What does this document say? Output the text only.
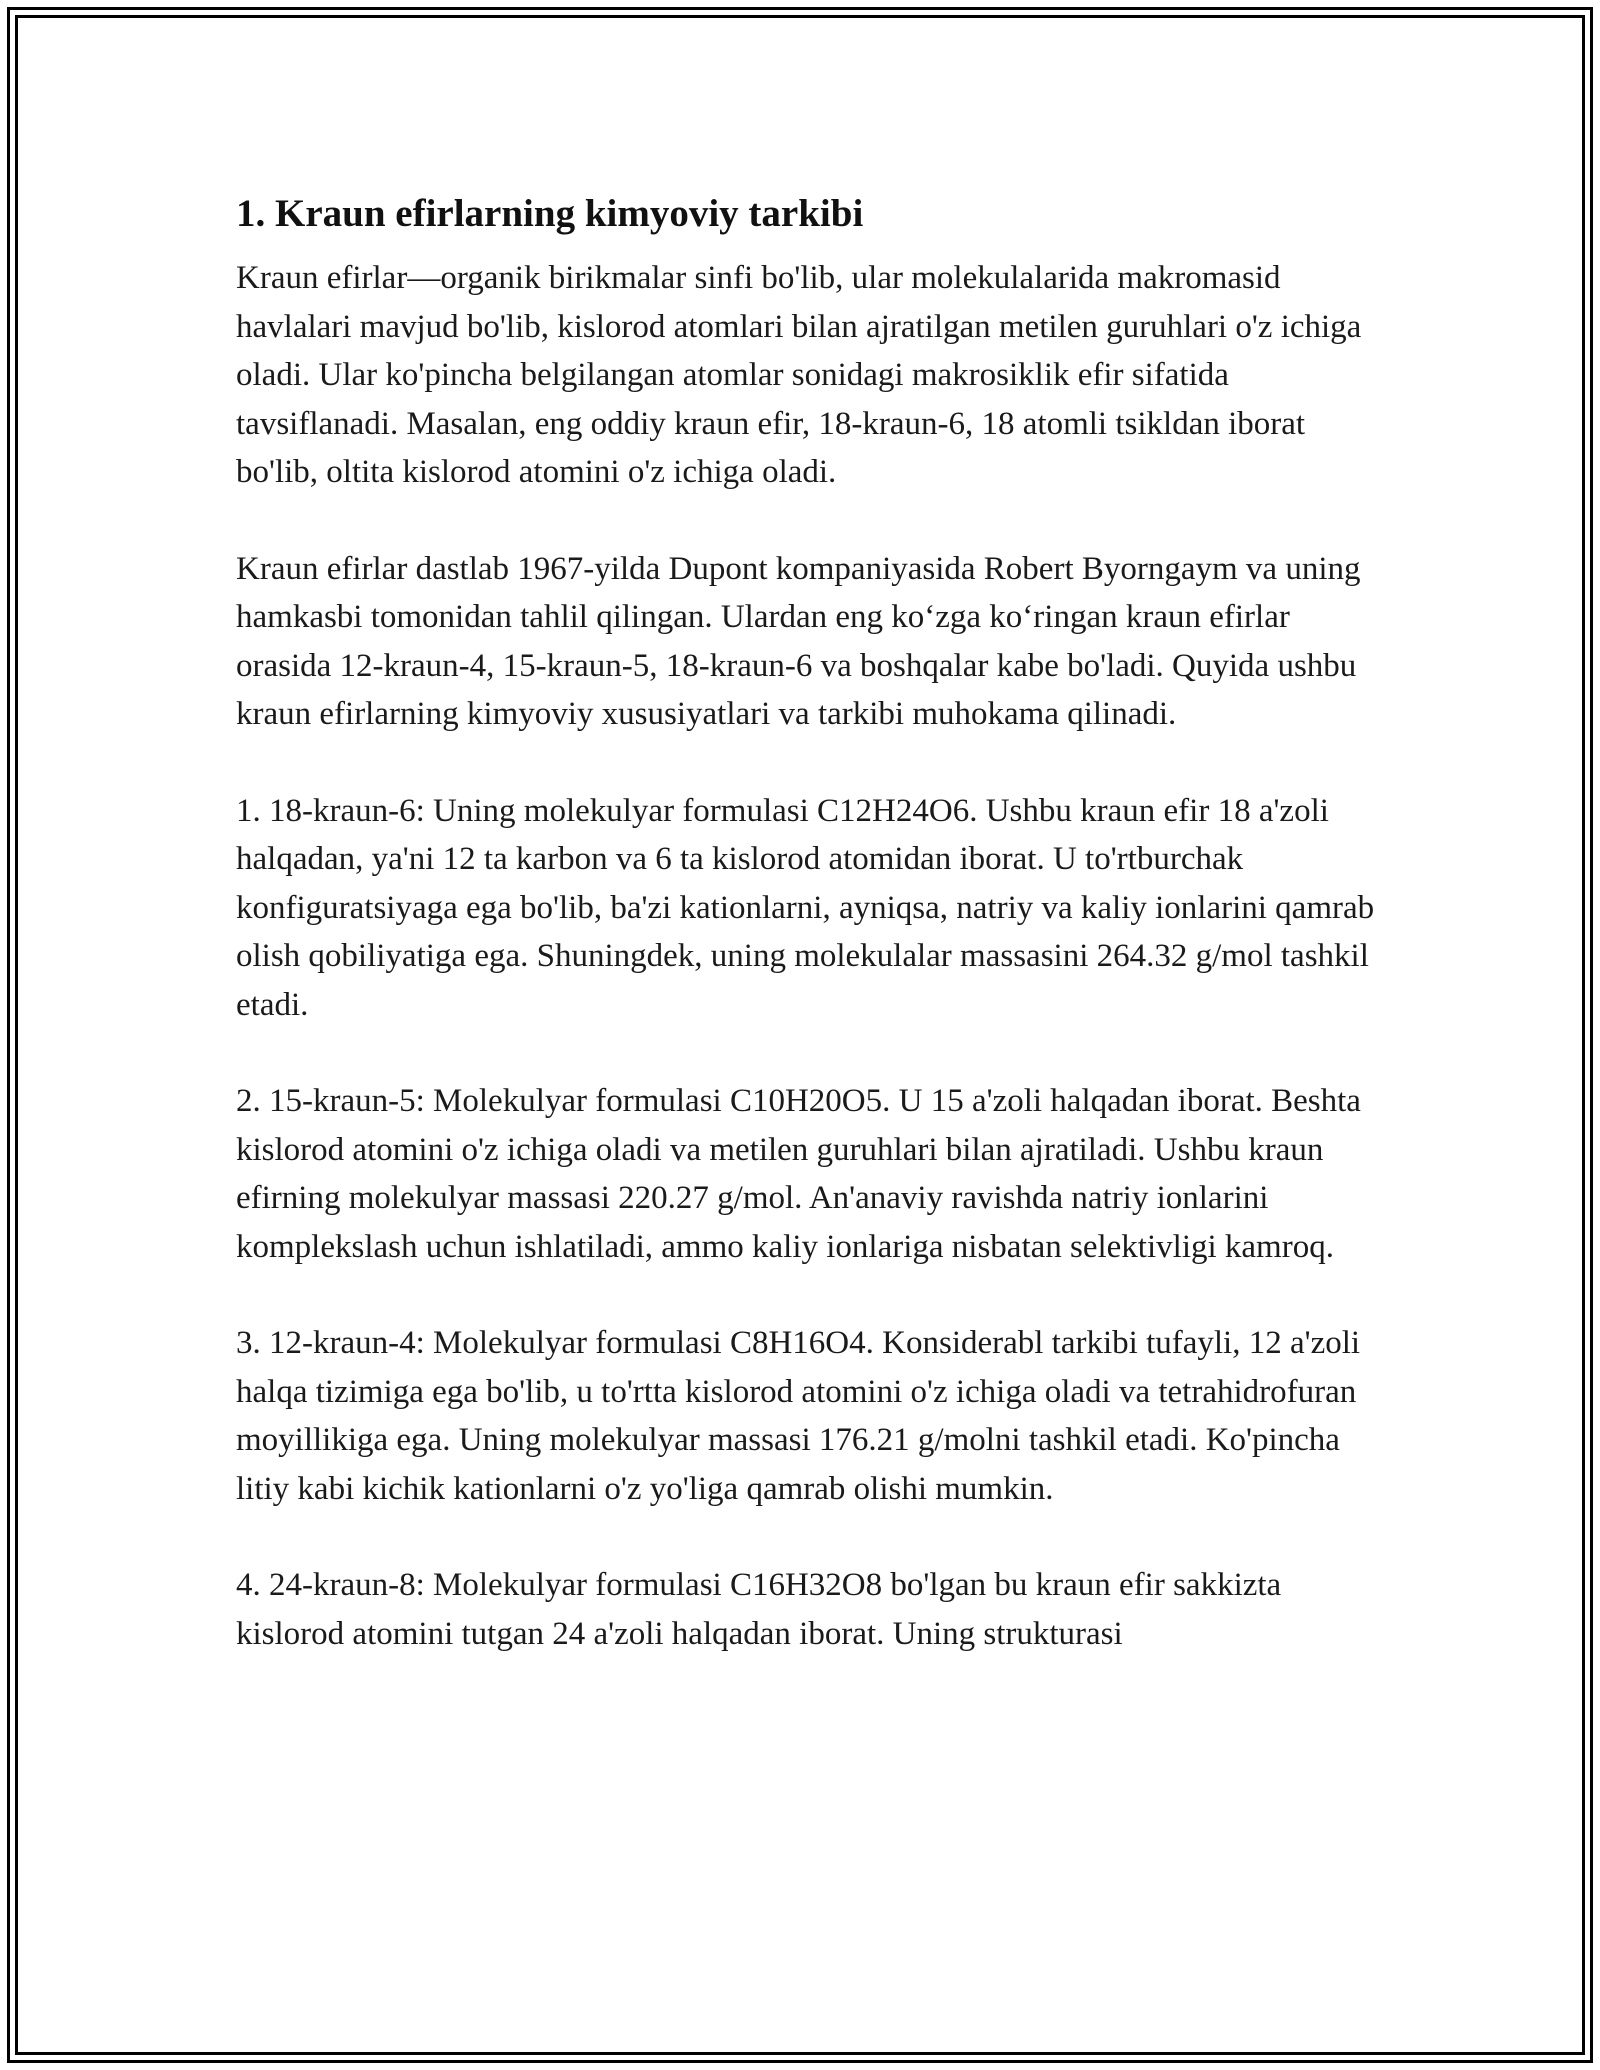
1. Kraun efirlarning kimyoviy tarkibi

Kraun efirlar—organik birikmalar sinfi bo'lib, ular molekulalarida makromasid havlalari mavjud bo'lib, kislorod atomlari bilan ajratilgan metilen guruhlari o'z ichiga oladi. Ular ko'pincha belgilangan atomlar sonidagi makrosiklik efir sifatida tavsiflanadi. Masalan, eng oddiy kraun efir, 18-kraun-6, 18 atomli tsikldan iborat bo'lib, oltita kislorod atomini o'z ichiga oladi.

Kraun efirlar dastlab 1967-yilda Dupont kompaniyasida Robert Byorngaym va uning hamkasbi tomonidan tahlil qilingan. Ulardan eng ko‘zga ko‘ringan kraun efirlar orasida 12-kraun-4, 15-kraun-5, 18-kraun-6 va boshqalar kabe bo'ladi. Quyida ushbu kraun efirlarning kimyoviy xususiyatlari va tarkibi muhokama qilinadi.

1. 18-kraun-6: Uning molekulyar formulasi C12H24O6. Ushbu kraun efir 18 a'zoli halqadan, ya'ni 12 ta karbon va 6 ta kislorod atomidan iborat. U to'rtburchak konfiguratsiyaga ega bo'lib, ba'zi kationlarni, ayniqsa, natriy va kaliy ionlarini qamrab olish qobiliyatiga ega. Shuningdek, uning molekulalar massasini 264.32 g/mol tashkil etadi.

2. 15-kraun-5: Molekulyar formulasi C10H20O5. U 15 a'zoli halqadan iborat. Beshta kislorod atomini o'z ichiga oladi va metilen guruhlari bilan ajratiladi. Ushbu kraun efirning molekulyar massasi 220.27 g/mol. An'anaviy ravishda natriy ionlarini komplekslash uchun ishlatiladi, ammo kaliy ionlariga nisbatan selektivligi kamroq.

3. 12-kraun-4: Molekulyar formulasi C8H16O4. Konsiderabl tarkibi tufayli, 12 a'zoli halqa tizimiga ega bo'lib, u to'rtta kislorod atomini o'z ichiga oladi va tetrahidrofuran moyillikiga ega. Uning molekulyar massasi 176.21 g/molni tashkil etadi. Ko'pincha litiy kabi kichik kationlarni o'z yo'liga qamrab olishi mumkin.

4. 24-kraun-8: Molekulyar formulasi C16H32O8 bo'lgan bu kraun efir sakkizta kislorod atomini tutgan 24 a'zoli halqadan iborat. Uning strukturasi
